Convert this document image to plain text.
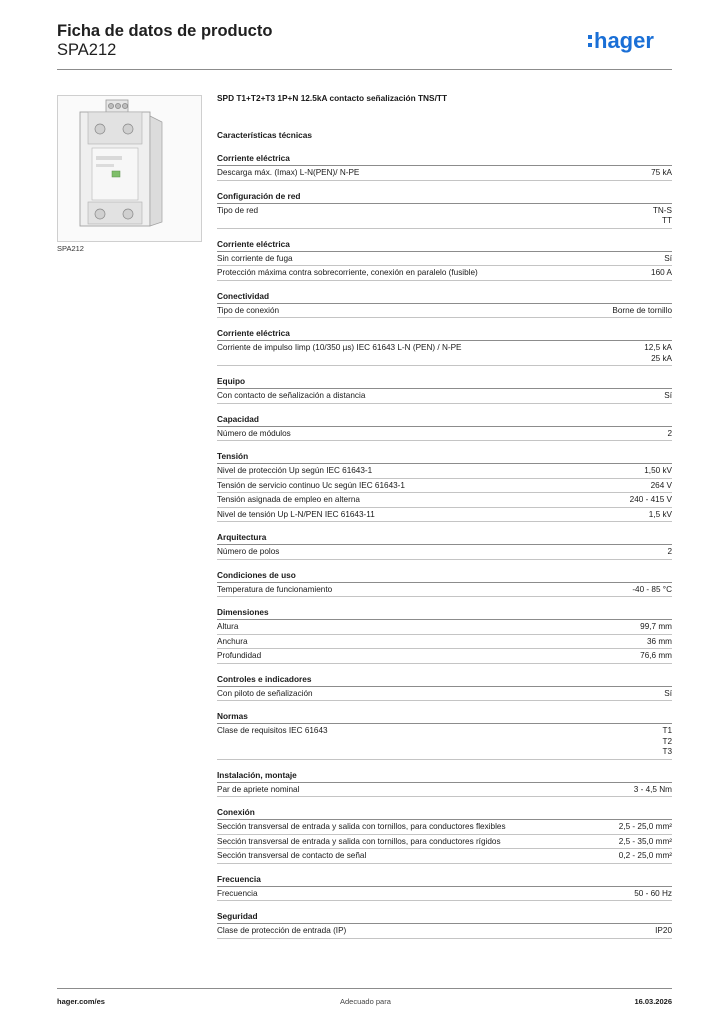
Ficha de datos de producto
SPA212	hager
SPA212
SPD T1+T2+T3 1P+N 12.5kA contacto señalización TNS/TT
Características técnicas
Corriente eléctrica
Descarga máx. (Imax) L-N(PEN)/ N-PE	75 kA
Configuración de red
Tipo de red	TN-S
TT
Corriente eléctrica
Sin corriente de fuga	Sí
Protección máxima contra sobrecorriente, conexión en paralelo (fusible)	160 A
Conectividad
Tipo de conexión	Borne de tornillo
Corriente eléctrica
Corriente de impulso Iimp (10/350 µs) IEC 61643 L-N (PEN) / N-PE	12,5 kA
25 kA
Equipo
Con contacto de señalización a distancia	Sí
Capacidad
Número de módulos	2
Tensión
Nivel de protección Up según IEC 61643-1	1,50 kV
Tensión de servicio continuo Uc según IEC 61643-1	264 V
Tensión asignada de empleo en alterna	240 - 415 V
Nivel de tensión Up L-N/PEN IEC 61643-11	1,5 kV
Arquitectura
Número de polos	2
Condiciones de uso
Temperatura de funcionamiento	-40 - 85 °C
Dimensiones
Altura	99,7 mm
Anchura	36 mm
Profundidad	76,6 mm
Controles e indicadores
Con piloto de señalización	Sí
Normas
Clase de requisitos IEC 61643	T1
T2
T3
Instalación, montaje
Par de apriete nominal	3 - 4,5 Nm
Conexión
Sección transversal de entrada y salida con tornillos, para conductores flexibles	2,5 - 25,0 mm²
Sección transversal de entrada y salida con tornillos, para conductores rígidos	2,5 - 35,0 mm²
Sección transversal de contacto de señal	0,2 - 25,0 mm²
Frecuencia
Frecuencia	50 - 60 Hz
Seguridad
Clase de protección de entrada (IP)	IP20
hager.com/es	Adecuado para	16.03.2026
